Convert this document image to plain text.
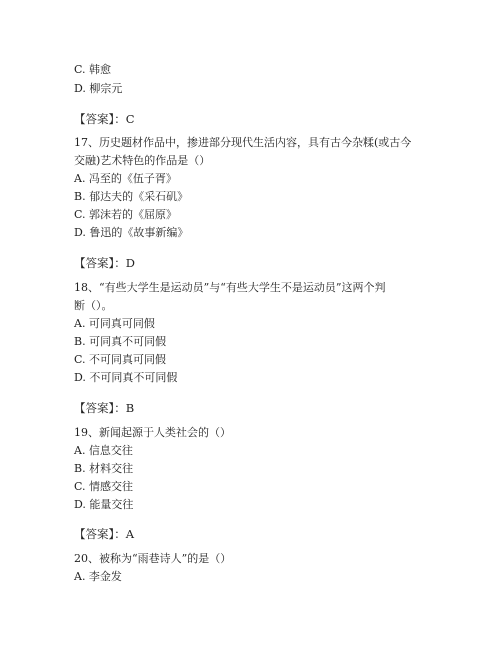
C. 韩愈
D. 柳宗元
【答案】：C
17、历史题材作品中，掺进部分现代生活内容，具有古今杂糅(或古今
交融)艺术特色的作品是（）
A. 冯至的《伍子胥》
B. 郁达夫的《采石矶》
C. 郭沫若的《屈原》
D. 鲁迅的《故事新编》
【答案】：D
18、“有些大学生是运动员”与“有些大学生不是运动员”这两个判
断（）。
A. 可同真可同假
B. 可同真不可同假
C. 不可同真可同假
D. 不可同真不可同假
【答案】：B
19、新闻起源于人类社会的（）
A. 信息交往
B. 材料交往
C. 情感交往
D. 能量交往
【答案】：A
20、被称为“雨巷诗人”的是（）
A. 李金发
